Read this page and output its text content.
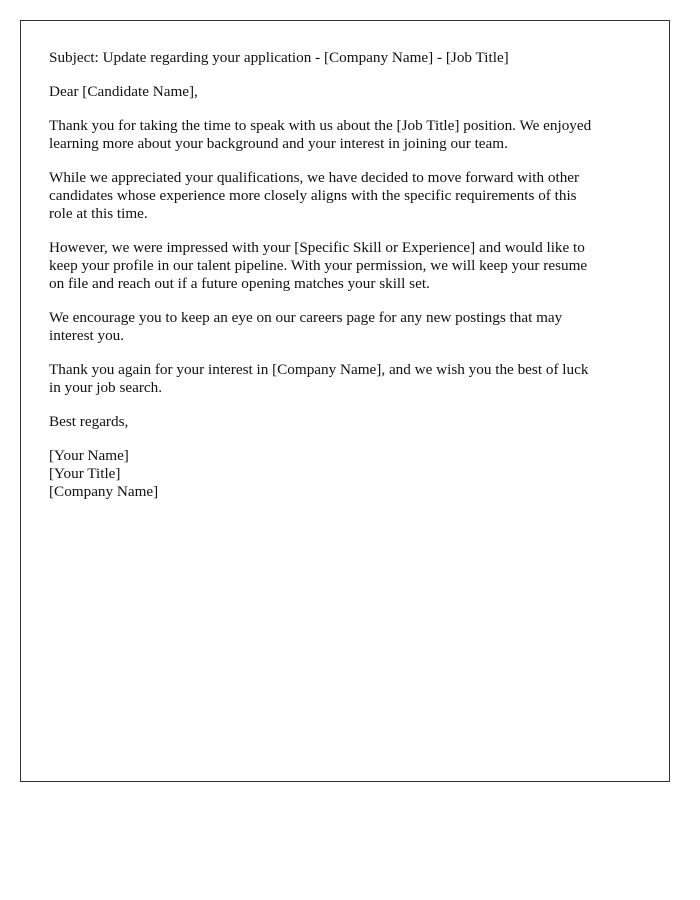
Subject: Update regarding your application - [Company Name] - [Job Title]

Dear [Candidate Name],

Thank you for taking the time to speak with us about the [Job Title] position. We enjoyed
learning more about your background and your interest in joining our team.

While we appreciated your qualifications, we have decided to move forward with other
candidates whose experience more closely aligns with the specific requirements of this
role at this time.

However, we were impressed with your [Specific Skill or Experience] and would like to
keep your profile in our talent pipeline. With your permission, we will keep your resume
on file and reach out if a future opening matches your skill set.

We encourage you to keep an eye on our careers page for any new postings that may
interest you.

Thank you again for your interest in [Company Name], and we wish you the best of luck
in your job search.

Best regards,

[Your Name]
[Your Title]
[Company Name]
